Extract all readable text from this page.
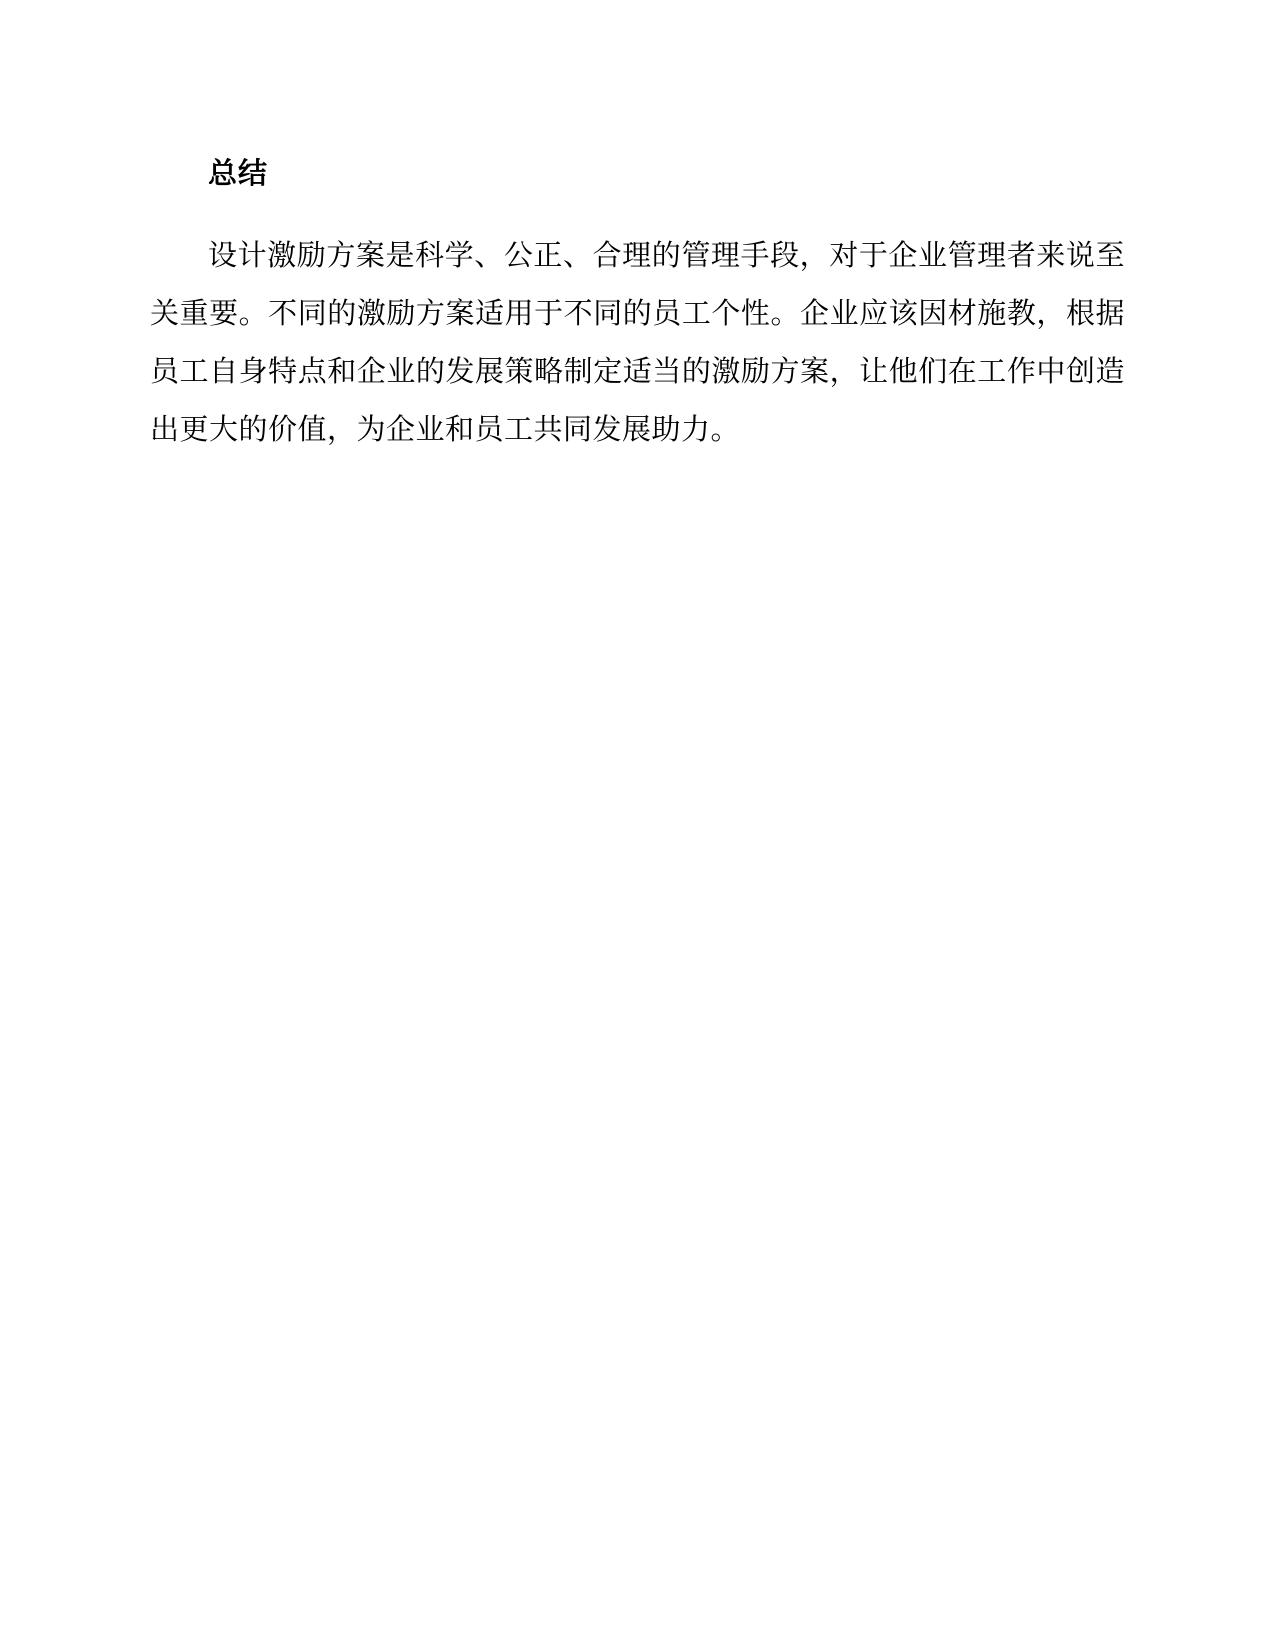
总结

设计激励方案是科学、公正、合理的管理手段，对于企业管理者来说至关重要。不同的激励方案适用于不同的员工个性。企业应该因材施教，根据员工自身特点和企业的发展策略制定适当的激励方案，让他们在工作中创造出更大的价值，为企业和员工共同发展助力。
